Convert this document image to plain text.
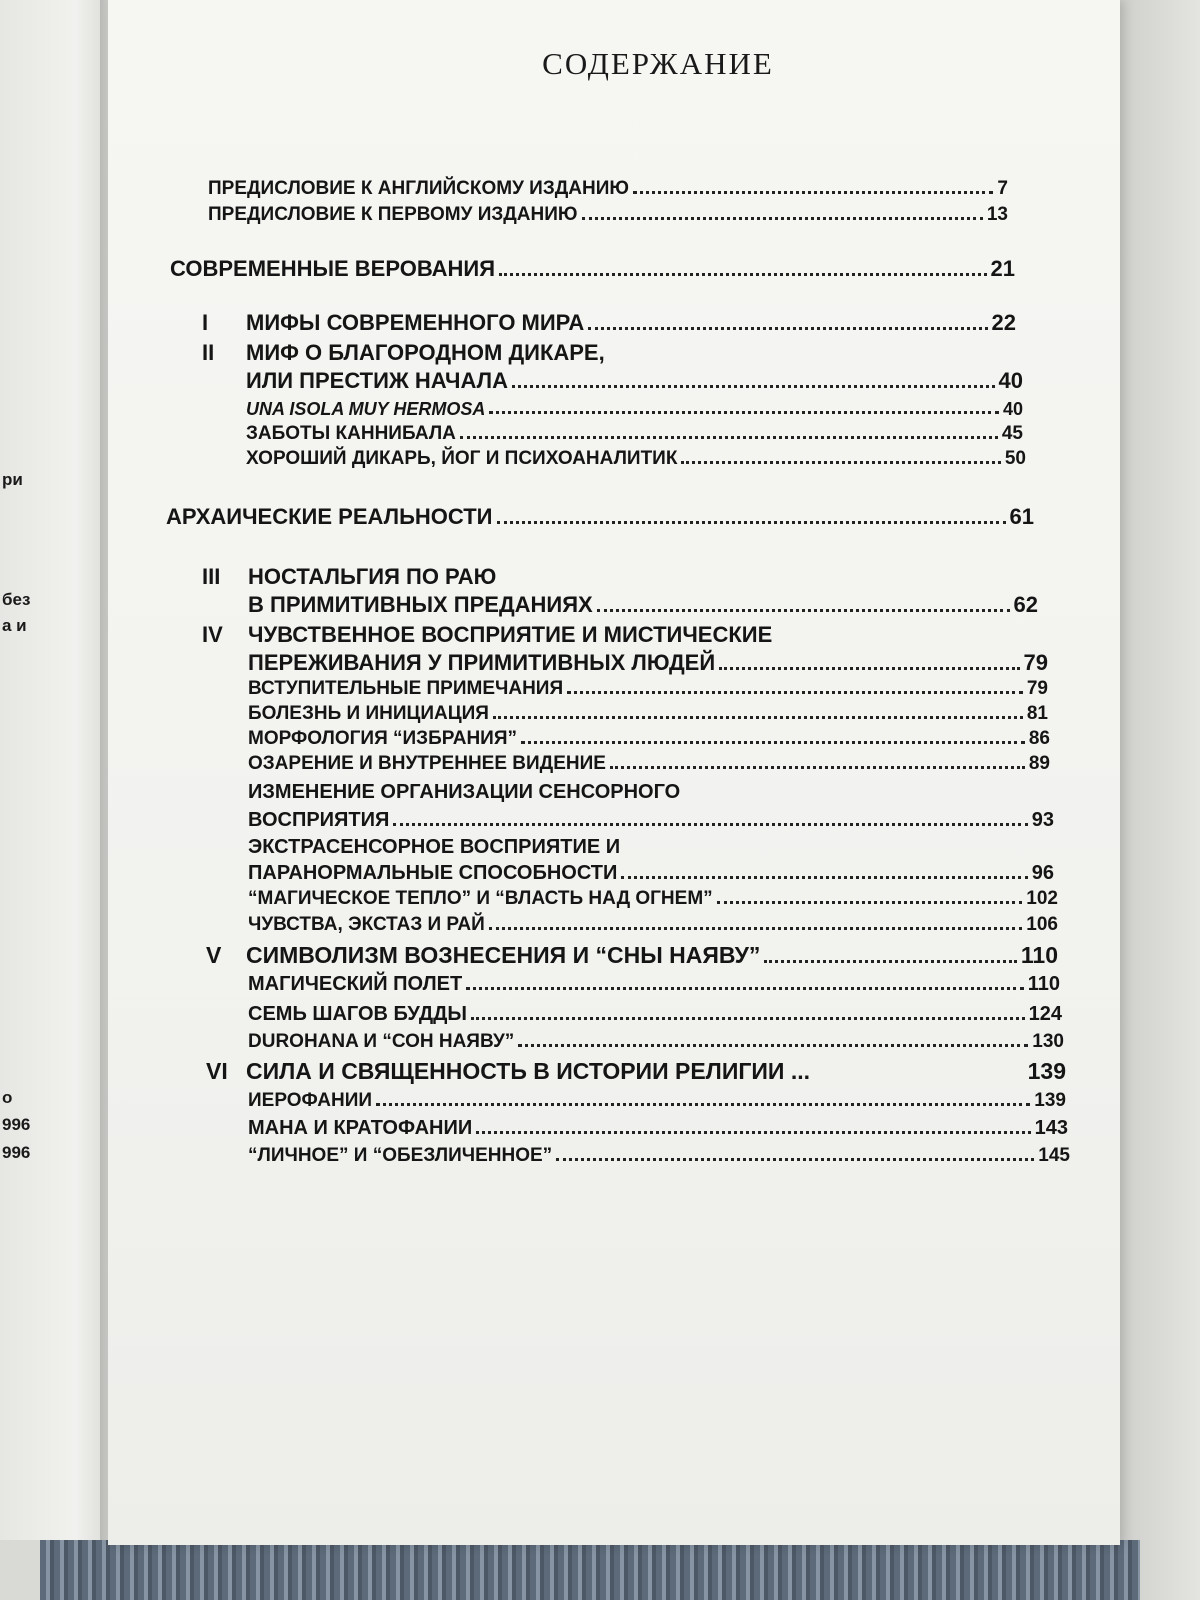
ри
без
а и
о
996
996
СОДЕРЖАНИЕ
ПРЕДИСЛОВИЕ К АНГЛИЙСКОМУ ИЗДАНИЮ	7
ПРЕДИСЛОВИЕ К ПЕРВОМУ ИЗДАНИЮ	13
СОВРЕМЕННЫЕ ВЕРОВАНИЯ	21
I МИФЫ СОВРЕМЕННОГО МИРА	22
II МИФ О БЛАГОРОДНОМ ДИКАРЕ,
ИЛИ ПРЕСТИЖ НАЧАЛА	40
UNA ISOLA MUY HERMOSA	40
ЗАБОТЫ КАННИБАЛА	45
ХОРОШИЙ ДИКАРЬ, ЙОГ И ПСИХОАНАЛИТИК	50
АРХАИЧЕСКИЕ РЕАЛЬНОСТИ	61
III НОСТАЛЬГИЯ ПО РАЮ
В ПРИМИТИВНЫХ ПРЕДАНИЯХ	62
IV ЧУВСТВЕННОЕ ВОСПРИЯТИЕ И МИСТИЧЕСКИЕ
ПЕРЕЖИВАНИЯ У ПРИМИТИВНЫХ ЛЮДЕЙ	79
ВСТУПИТЕЛЬНЫЕ ПРИМЕЧАНИЯ	79
БОЛЕЗНЬ И ИНИЦИАЦИЯ	81
МОРФОЛОГИЯ “ИЗБРАНИЯ”	86
ОЗАРЕНИЕ И ВНУТРЕННЕЕ ВИДЕНИЕ	89
ИЗМЕНЕНИЕ ОРГАНИЗАЦИИ СЕНСОРНОГО
ВОСПРИЯТИЯ	93
ЭКСТРАСЕНСОРНОЕ ВОСПРИЯТИЕ И
ПАРАНОРМАЛЬНЫЕ СПОСОБНОСТИ	96
“МАГИЧЕСКОЕ ТЕПЛО” И “ВЛАСТЬ НАД ОГНЕМ”	102
ЧУВСТВА, ЭКСТАЗ И РАЙ	106
V СИМВОЛИЗМ ВОЗНЕСЕНИЯ И “СНЫ НАЯВУ”	110
МАГИЧЕСКИЙ ПОЛЕТ	110
СЕМЬ ШАГОВ БУДДЫ	124
DUROHANA И “СОН НАЯВУ”	130
VI СИЛА И СВЯЩЕННОСТЬ В ИСТОРИИ РЕЛИГИИ ...	139
ИЕРОФАНИИ	139
МАНА И КРАТОФАНИИ	143
“ЛИЧНОЕ” И “ОБЕЗЛИЧЕННОЕ”	145
